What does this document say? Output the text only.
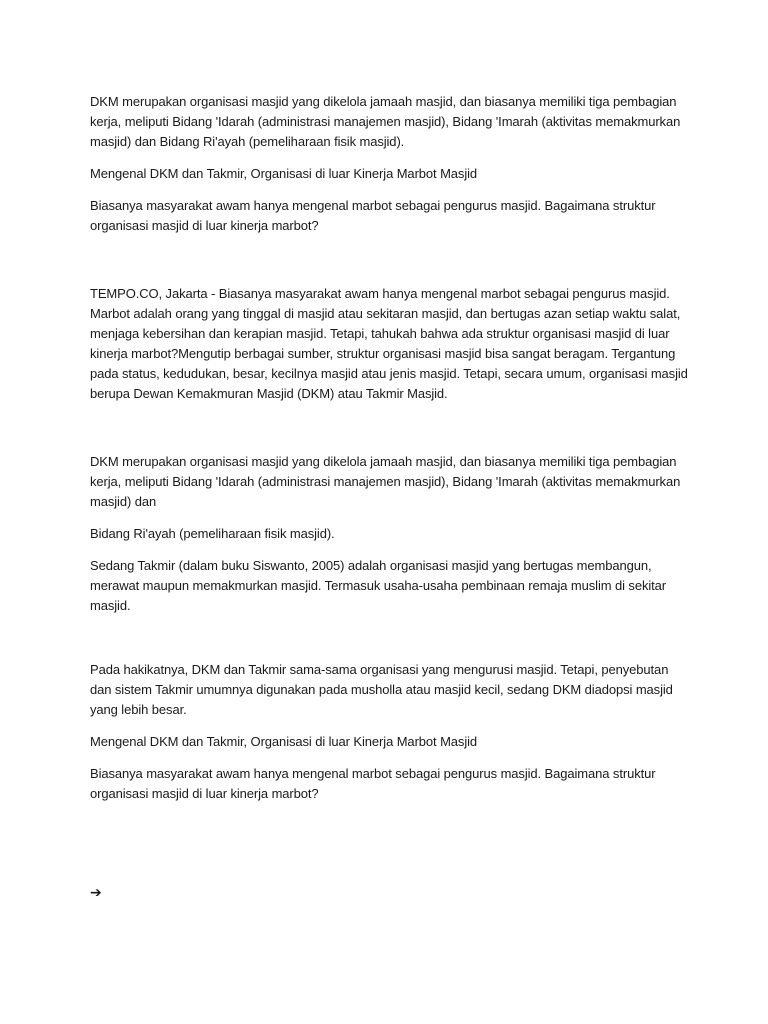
DKM merupakan organisasi masjid yang dikelola jamaah masjid, dan biasanya memiliki tiga pembagian kerja, meliputi Bidang 'Idarah (administrasi manajemen masjid), Bidang 'Imarah (aktivitas memakmurkan masjid) dan Bidang Ri'ayah (pemeliharaan fisik masjid).

Mengenal DKM dan Takmir, Organisasi di luar Kinerja Marbot Masjid

Biasanya masyarakat awam hanya mengenal marbot sebagai pengurus masjid. Bagaimana struktur organisasi masjid di luar kinerja marbot?

TEMPO.CO, Jakarta - Biasanya masyarakat awam hanya mengenal marbot sebagai pengurus masjid. Marbot adalah orang yang tinggal di masjid atau sekitaran masjid, dan bertugas azan setiap waktu salat, menjaga kebersihan dan kerapian masjid. Tetapi, tahukah bahwa ada struktur organisasi masjid di luar kinerja marbot?Mengutip berbagai sumber, struktur organisasi masjid bisa sangat beragam. Tergantung pada status, kedudukan, besar, kecilnya masjid atau jenis masjid. Tetapi, secara umum, organisasi masjid berupa Dewan Kemakmuran Masjid (DKM) atau Takmir Masjid.

DKM merupakan organisasi masjid yang dikelola jamaah masjid, dan biasanya memiliki tiga pembagian kerja, meliputi Bidang 'Idarah (administrasi manajemen masjid), Bidang 'Imarah (aktivitas memakmurkan masjid) dan

Bidang Ri'ayah (pemeliharaan fisik masjid).

Sedang Takmir (dalam buku Siswanto, 2005) adalah organisasi masjid yang bertugas membangun, merawat maupun memakmurkan masjid. Termasuk usaha-usaha pembinaan remaja muslim di sekitar masjid.

Pada hakikatnya, DKM dan Takmir sama-sama organisasi yang mengurusi masjid. Tetapi, penyebutan dan sistem Takmir umumnya digunakan pada musholla atau masjid kecil, sedang DKM diadopsi masjid yang lebih besar.

Mengenal DKM dan Takmir, Organisasi di luar Kinerja Marbot Masjid

Biasanya masyarakat awam hanya mengenal marbot sebagai pengurus masjid. Bagaimana struktur organisasi masjid di luar kinerja marbot?

➔
